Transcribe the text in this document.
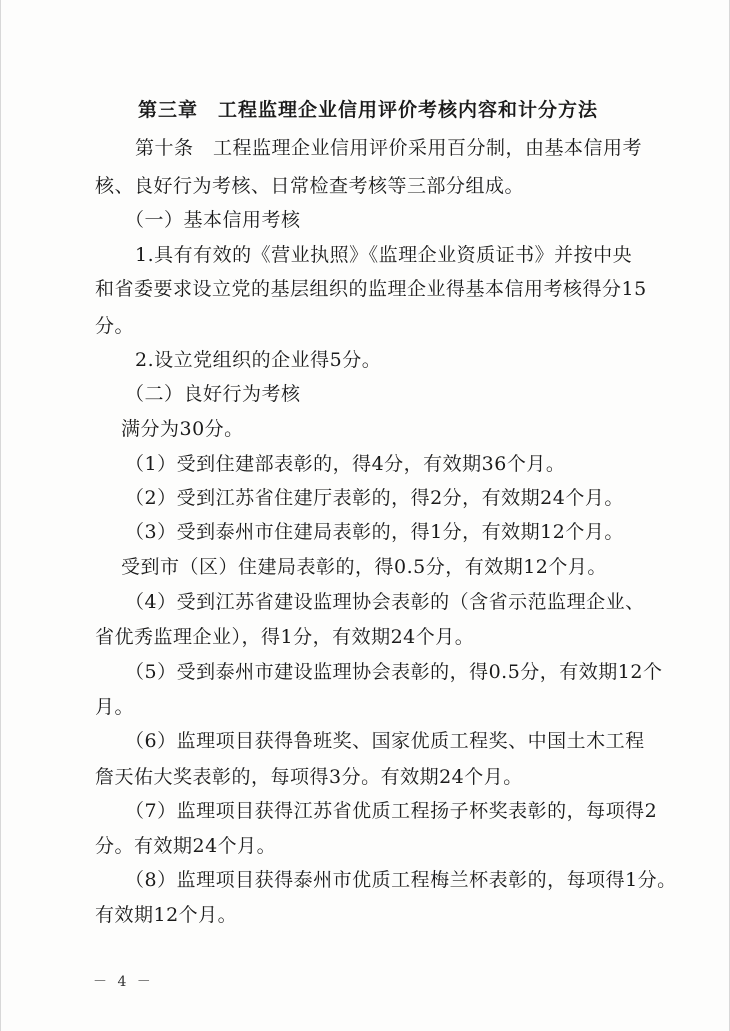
第三章　工程监理企业信用评价考核内容和计分方法
第十条　工程监理企业信用评价采用百分制，由基本信用考
核、良好行为考核、日常检查考核等三部分组成。
（一）基本信用考核
1.具有有效的《营业执照》《监理企业资质证书》并按中央
和省委要求设立党的基层组织的监理企业得基本信用考核得分15
分。
2.设立党组织的企业得5分。
（二）良好行为考核
满分为30分。
（1）受到住建部表彰的，得4分，有效期36个月。
（2）受到江苏省住建厅表彰的，得2分，有效期24个月。
（3）受到泰州市住建局表彰的，得1分，有效期12个月。
受到市（区）住建局表彰的，得0.5分，有效期12个月。
（4）受到江苏省建设监理协会表彰的（含省示范监理企业、
省优秀监理企业），得1分，有效期24个月。
（5）受到泰州市建设监理协会表彰的，得0.5分，有效期12个
月。
（6）监理项目获得鲁班奖、国家优质工程奖、中国土木工程
詹天佑大奖表彰的，每项得3分。有效期24个月。
（7）监理项目获得江苏省优质工程扬子杯奖表彰的，每项得2
分。有效期24个月。
（8）监理项目获得泰州市优质工程梅兰杯表彰的，每项得1分。
有效期12个月。
－ 4 －
